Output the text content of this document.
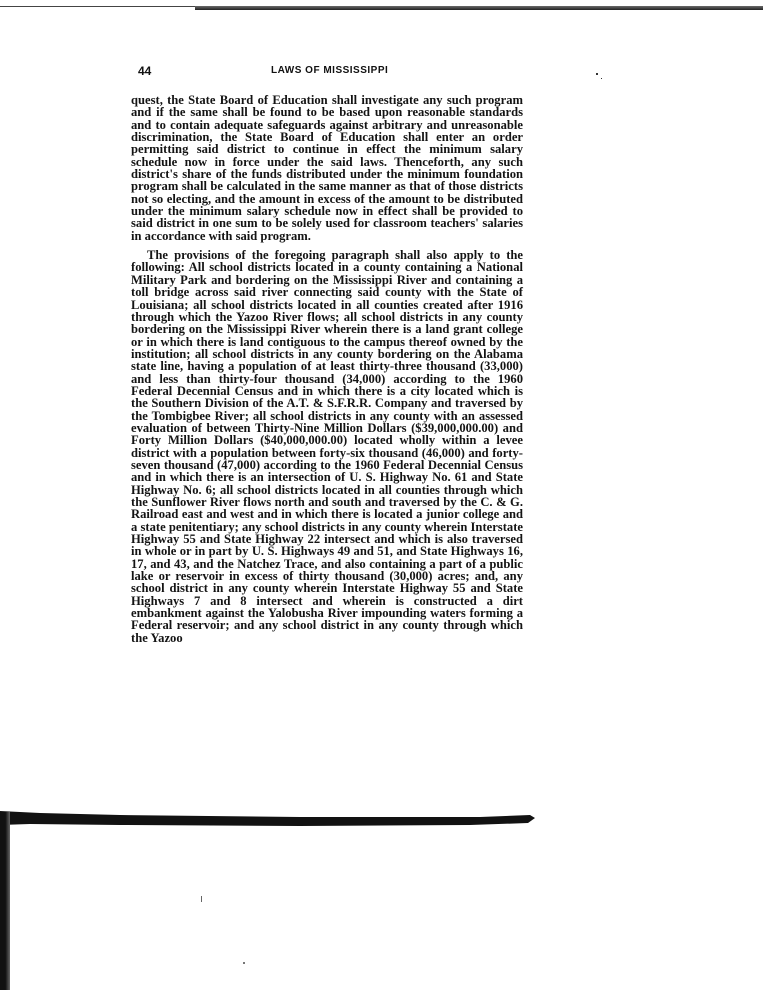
44	LAWS OF MISSISSIPPI

quest, the State Board of Education shall investigate any such program and if the same shall be found to be based upon reasonable standards and to contain adequate safeguards against arbitrary and unreasonable discrimination, the State Board of Education shall enter an order permitting said district to continue in effect the minimum salary schedule now in force under the said laws. Thenceforth, any such district's share of the funds distributed under the minimum foundation program shall be calculated in the same manner as that of those districts not so electing, and the amount in excess of the amount to be distributed under the minimum salary schedule now in effect shall be provided to said district in one sum to be solely used for classroom teachers' salaries in accordance with said program.

The provisions of the foregoing paragraph shall also apply to the following: All school districts located in a county containing a National Military Park and bordering on the Mississippi River and containing a toll bridge across said river connecting said county with the State of Louisiana; all school districts located in all counties created after 1916 through which the Yazoo River flows; all school districts in any county bordering on the Mississippi River wherein there is a land grant college or in which there is land contiguous to the campus thereof owned by the institution; all school districts in any county bordering on the Alabama state line, having a population of at least thirty-three thousand (33,000) and less than thirty-four thousand (34,000) according to the 1960 Federal Decennial Census and in which there is a city located which is the Southern Division of the A.T. & S.F.R.R. Company and traversed by the Tombigbee River; all school districts in any county with an assessed evaluation of between Thirty-Nine Million Dollars ($39,000,000.00) and Forty Million Dollars ($40,000,000.00) located wholly within a levee district with a population between forty-six thousand (46,000) and forty-seven thousand (47,000) according to the 1960 Federal Decennial Census and in which there is an intersection of U. S. Highway No. 61 and State Highway No. 6; all school districts located in all counties through which the Sunflower River flows north and south and traversed by the C. & G. Railroad east and west and in which there is located a junior college and a state penitentiary; any school districts in any county wherein Interstate Highway 55 and State Highway 22 intersect and which is also traversed in whole or in part by U. S. Highways 49 and 51, and State Highways 16, 17, and 43, and the Natchez Trace, and also containing a part of a public lake or reservoir in excess of thirty thousand (30,000) acres; and, any school district in any county wherein Interstate Highway 55 and State Highways 7 and 8 intersect and wherein is constructed a dirt embankment against the Yalobusha River impounding waters forming a Federal reservoir; and any school district in any county through which the Yazoo
